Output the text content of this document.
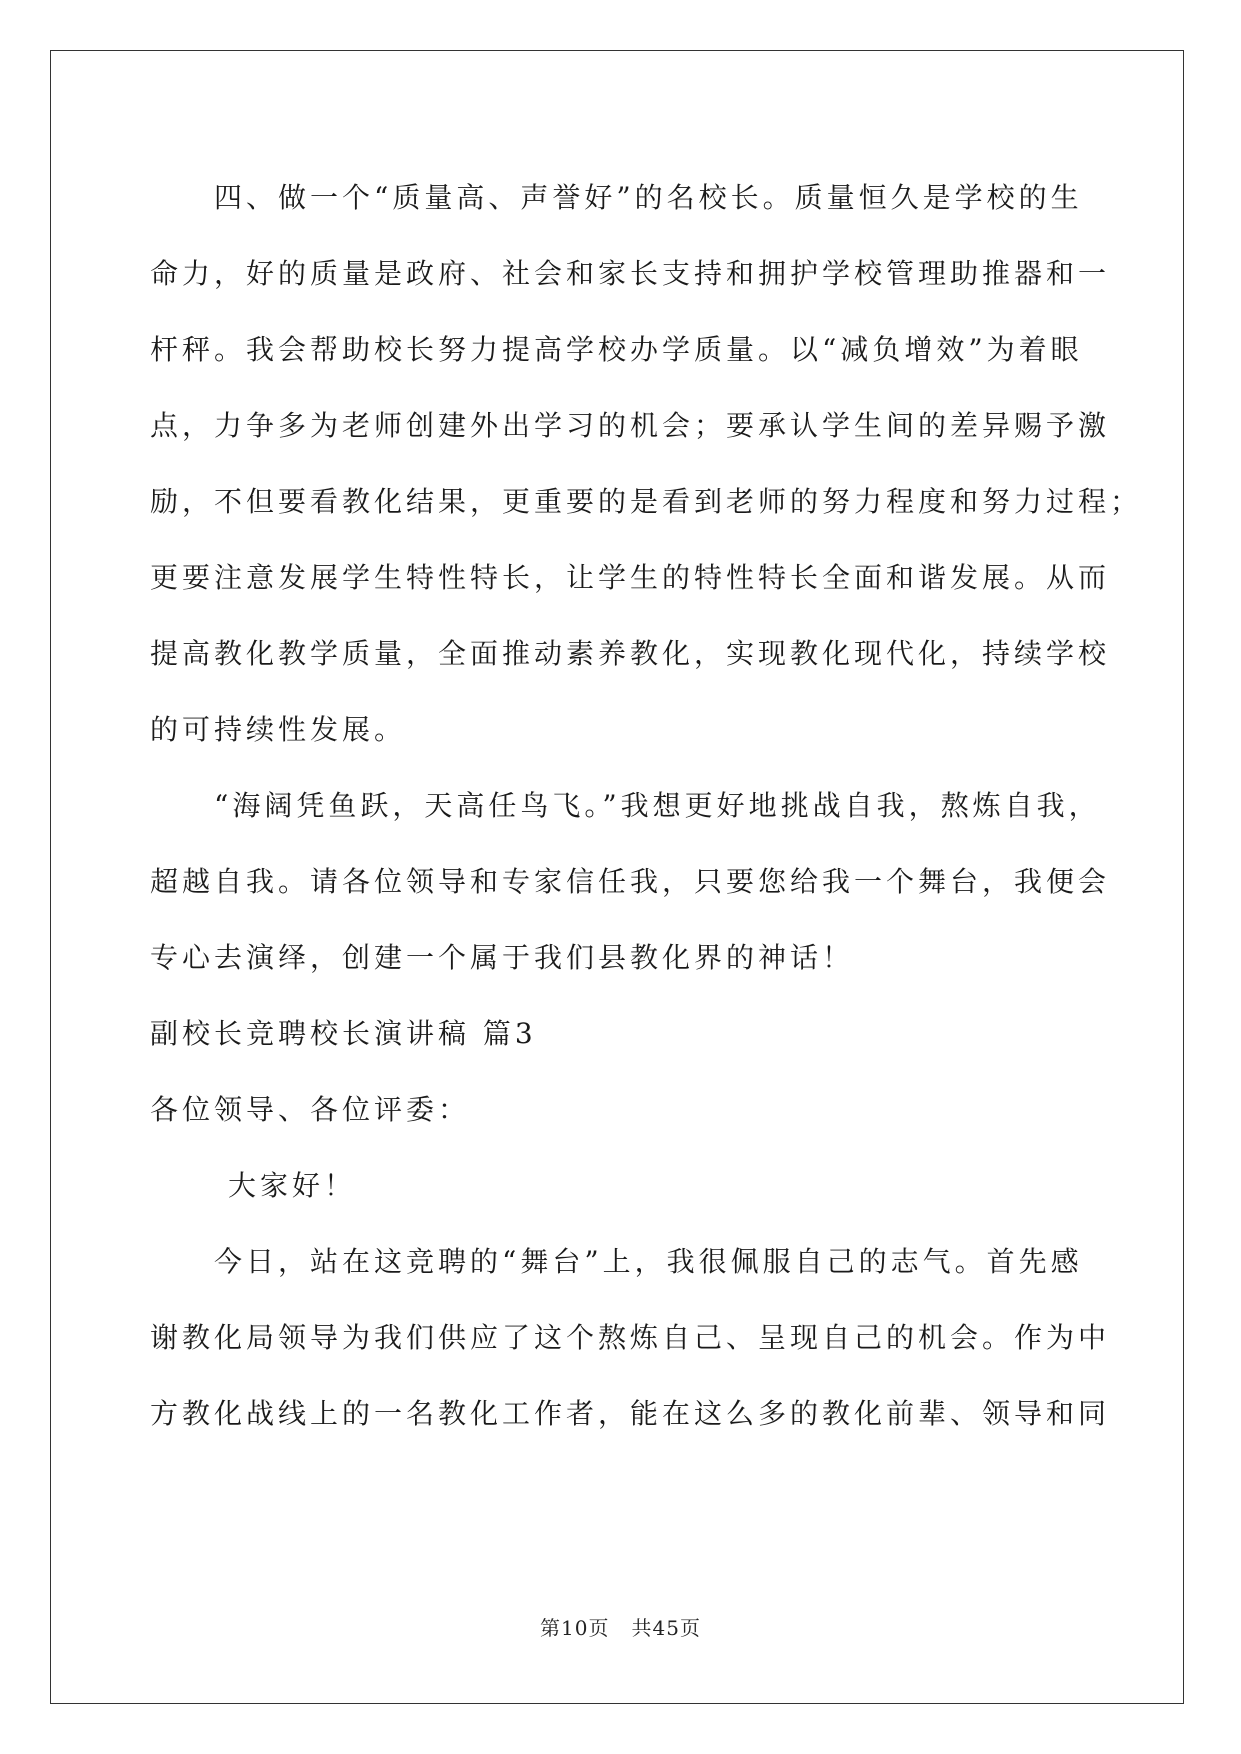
四、做一个“质量高、声誉好”的名校长。质量恒久是学校的生
命力，好的质量是政府、社会和家长支持和拥护学校管理助推器和一
杆秤。我会帮助校长努力提高学校办学质量。以“减负增效”为着眼
点，力争多为老师创建外出学习的机会；要承认学生间的差异赐予激
励，不但要看教化结果，更重要的是看到老师的努力程度和努力过程；
更要注意发展学生特性特长，让学生的特性特长全面和谐发展。从而
提高教化教学质量，全面推动素养教化，实现教化现代化，持续学校
的可持续性发展。
“海阔凭鱼跃，天高任鸟飞。”我想更好地挑战自我，熬炼自我，
超越自我。请各位领导和专家信任我，只要您给我一个舞台，我便会
专心去演绎，创建一个属于我们县教化界的神话！
副校长竞聘校长演讲稿 篇3
各位领导、各位评委：
大家好！
今日，站在这竞聘的“舞台”上，我很佩服自己的志气。首先感
谢教化局领导为我们供应了这个熬炼自己、呈现自己的机会。作为中
方教化战线上的一名教化工作者，能在这么多的教化前辈、领导和同
第10页 共45页
